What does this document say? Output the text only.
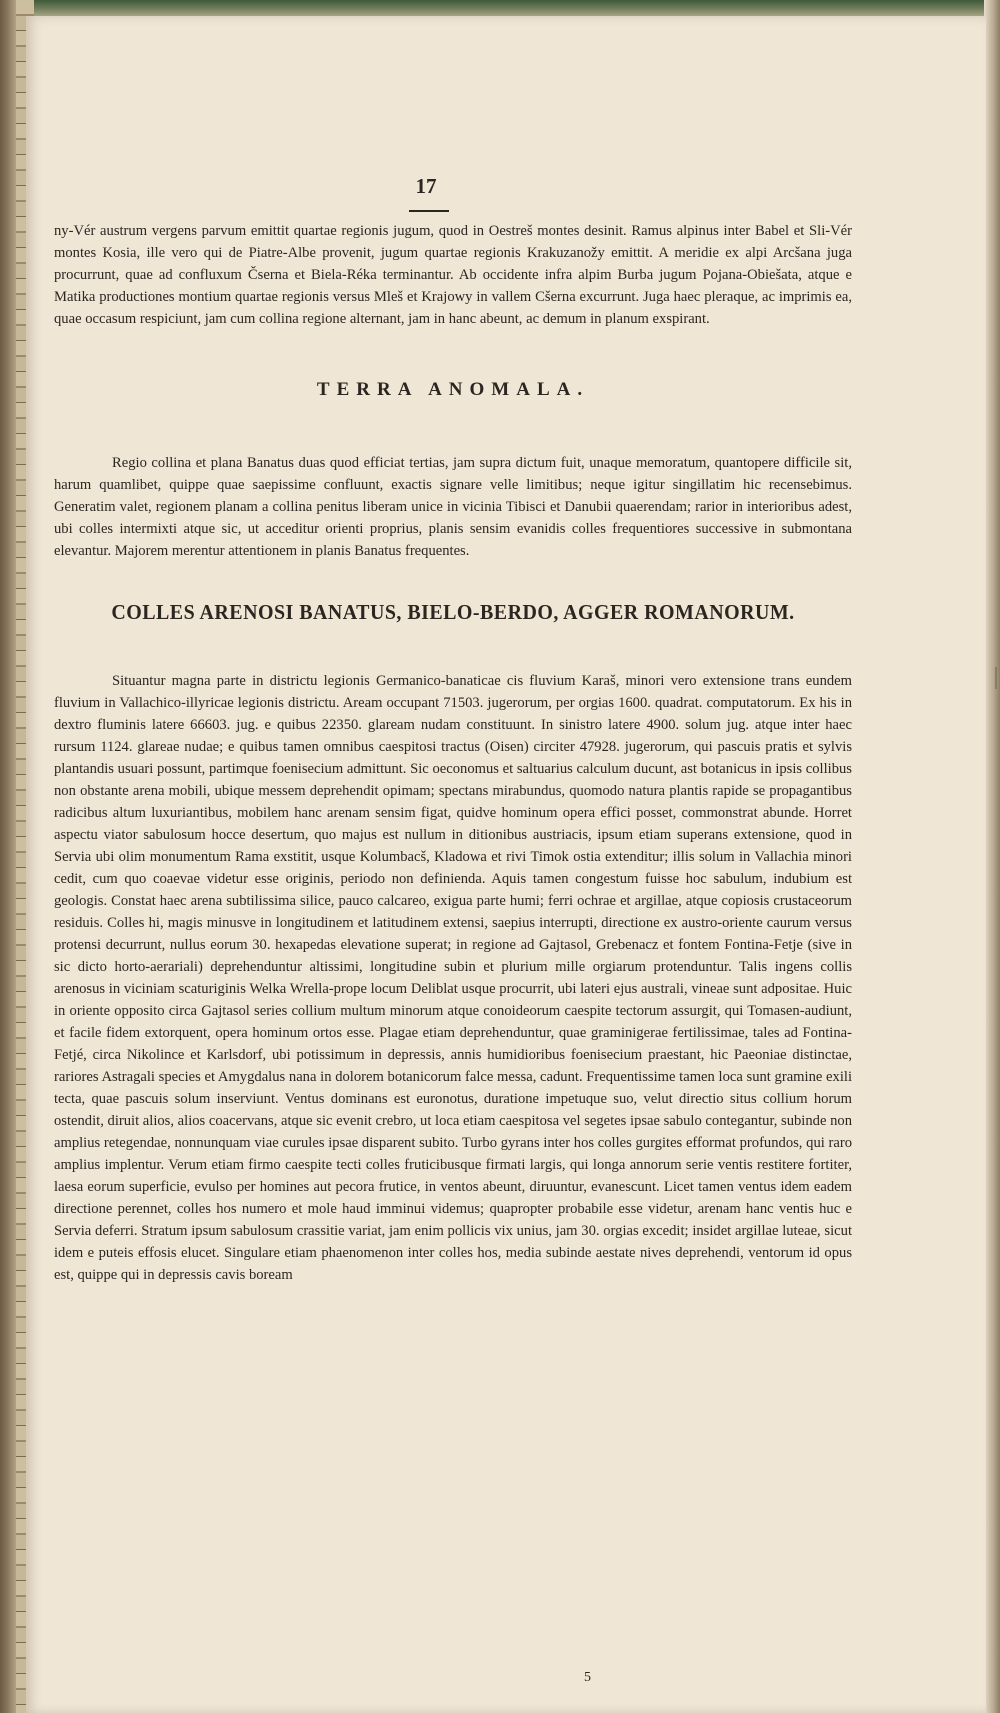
17

ny-Vér austrum vergens parvum emittit quartae regionis jugum, quod in Oestreš montes desinit. Ramus alpinus inter Babel et Sli-Vér montes Kosia, ille vero qui de Piatre-Albe provenit, jugum quartae regionis Krakuzanožy emittit. A meridie ex alpi Arcšana juga procurrunt, quae ad confluxum Čserna et Biela-Réka terminantur. Ab occidente infra alpim Burba jugum Pojana-Obiešata, atque e Matika productiones montium quartae regionis versus Mleš et Krajowy in vallem Cšerna excurrunt. Juga haec pleraque, ac imprimis ea, quae occasum respiciunt, jam cum collina regione alternant, jam in hanc abeunt, ac demum in planum exspirant.

TERRA ANOMALA.

Regio collina et plana Banatus duas quod efficiat tertias, jam supra dictum fuit, unaque memoratum, quantopere difficile sit, harum quamlibet, quippe quae saepissime confluunt, exactis signare velle limitibus; neque igitur singillatim hic recensebimus. Generatim valet, regionem planam a collina penitus liberam unice in vicinia Tibisci et Danubii quaerendam; rarior in interioribus adest, ubi colles intermixti atque sic, ut acceditur orienti proprius, planis sensim evanidis colles frequentiores successive in submontana elevantur. Majorem merentur attentionem in planis Banatus frequentes.

COLLES ARENOSI BANATUS, BIELO-BERDO, AGGER ROMANORUM.

Situantur magna parte in districtu legionis Germanico-banaticae cis fluvium Karaš, minori vero extensione trans eundem fluvium in Vallachico-illyricae legionis districtu. Aream occupant 71503. jugerorum, per orgias 1600. quadrat. computatorum. Ex his in dextro fluminis latere 66603. jug. e quibus 22350. glaream nudam constituunt. In sinistro latere 4900. solum jug. atque inter haec rursum 1124. glareae nudae; e quibus tamen omnibus caespitosi tractus (Oisen) circiter 47928. jugerorum, qui pascuis pratis et sylvis plantandis usuari possunt, partimque foenisecium admittunt. Sic oeconomus et saltuarius calculum ducunt, ast botanicus in ipsis collibus non obstante arena mobili, ubique messem deprehendit opimam; spectans mirabundus, quomodo natura plantis rapide se propagantibus radicibus altum luxuriantibus, mobilem hanc arenam sensim figat, quidve hominum opera effici posset, commonstrat abunde. Horret aspectu viator sabulosum hocce desertum, quo majus est nullum in ditionibus austriacis, ipsum etiam superans extensione, quod in Servia ubi olim monumentum Rama exstitit, usque Kolumbacš, Kladowa et rivi Timok ostia extenditur; illis solum in Vallachia minori cedit, cum quo coaevae videtur esse originis, periodo non definienda. Aquis tamen congestum fuisse hoc sabulum, indubium est geologis. Constat haec arena subtilissima silice, pauco calcareo, exigua parte humi; ferri ochrae et argillae, atque copiosis crustaceorum residuis. Colles hi, magis minusve in longitudinem et latitudinem extensi, saepius interrupti, directione ex austro-oriente caurum versus protensi decurrunt, nullus eorum 30. hexapedas elevatione superat; in regione ad Gajtasol, Grebenacz et fontem Fontina-Fetje (sive in sic dicto horto-aerariali) deprehenduntur altissimi, longitudine subin et plurium mille orgiarum protenduntur. Talis ingens collis arenosus in viciniam scaturiginis Welka Wrella-prope locum Deliblat usque procurrit, ubi lateri ejus australi, vineae sunt adpositae. Huic in oriente opposito circa Gajtasol series collium multum minorum atque conoideorum caespite tectorum assurgit, qui Tomasen-audiunt, et facile fidem extorquent, opera hominum ortos esse. Plagae etiam deprehenduntur, quae graminigerae fertilissimae, tales ad Fontina-Fetjé, circa Nikolince et Karlsdorf, ubi potissimum in depressis, annis humidioribus foenisecium praestant, hic Paeoniae distinctae, rariores Astragali species et Amygdalus nana in dolorem botanicorum falce messa, cadunt. Frequentissime tamen loca sunt gramine exili tecta, quae pascuis solum inserviunt. Ventus dominans est euronotus, durationе impetuque suo, velut directio situs collium horum ostendit, diruit alios, alios coacervans, atque sic evenit crebro, ut loca etiam caespitosa vel segetes ipsae sabulo contegantur, subinde non amplius retegendae, nonnunquam viae curules ipsae disparent subito. Turbo gyrans inter hos colles gurgites efformat profundos, qui raro amplius implentur. Verum etiam firmo caespite tecti colles fruticibusque firmati largis, qui longa annorum serie ventis restitere fortiter, laesa eorum superficie, evulso per homines aut pecora frutice, in ventos abeunt, diruuntur, evanescunt. Licet tamen ventus idem eadem directione perennet, colles hos numero et mole haud imminui videmus; quapropter probabile esse videtur, arenam hanc ventis huc e Servia deferri. Stratum ipsum sabulosum crassitie variat, jam enim pollicis vix unius, jam 30. orgias excedit; insidet argillae luteae, sicut idem e puteis effosis elucet. Singulare etiam phaenomenon inter colles hos, media subinde aestate nives deprehendi, ventorum id opus est, quippe qui in depressis cavis boream

5
